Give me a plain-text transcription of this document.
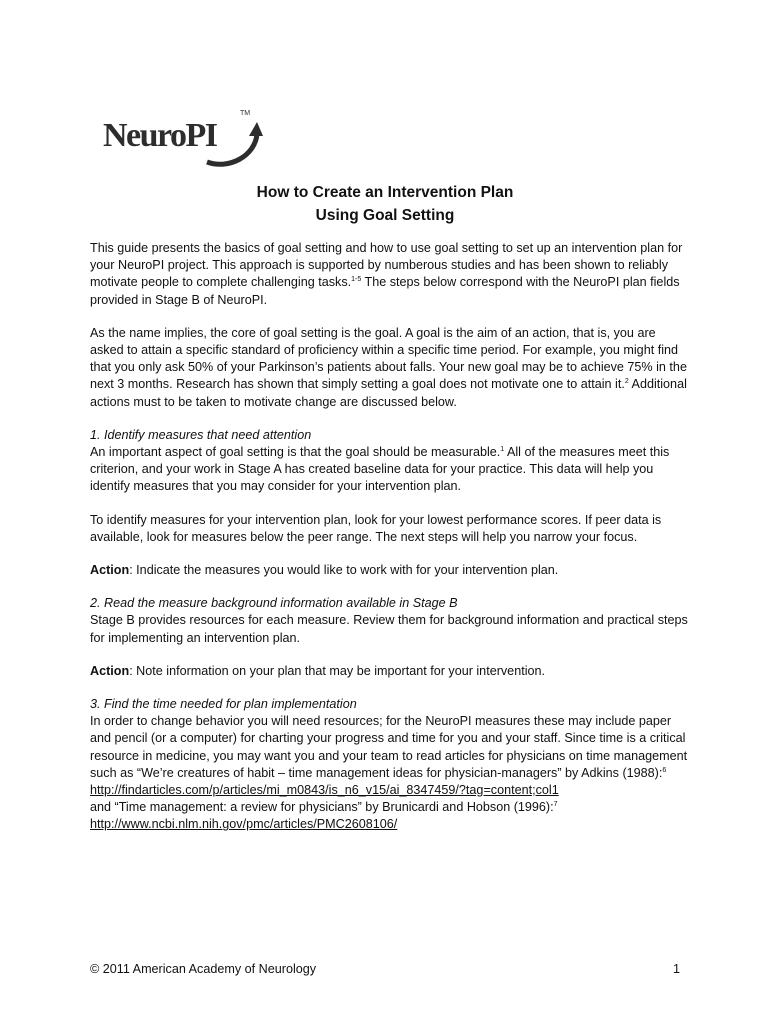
NeuroPI
TM
How to Create an Intervention Plan
Using Goal Setting

This guide presents the basics of goal setting and how to use goal setting to set up an intervention plan for your NeuroPI project. This approach is supported by numberous studies and has been shown to reliably motivate people to complete challenging tasks.$^{1-5}$ The steps below correspond with the NeuroPI plan fields provided in Stage B of NeuroPI.

As the name implies, the core of goal setting is the goal. A goal is the aim of an action, that is, you are asked to attain a specific standard of proficiency within a specific time period. For example, you might find that you only ask 50% of your Parkinson’s patients about falls. Your new goal may be to achieve 75% in the next 3 months. Research has shown that simply setting a goal does not motivate one to attain it.$^2$ Additional actions must to be taken to motivate change are discussed below.

1. Identify measures that need attention

An important aspect of goal setting is that the goal should be measurable.$^1$ All of the measures meet this criterion, and your work in Stage A has created baseline data for your practice. This data will help you identify measures that you may consider for your intervention plan.

To identify measures for your intervention plan, look for your lowest performance scores. If peer data is available, look for measures below the peer range. The next steps will help you narrow your focus.

Action: Indicate the measures you would like to work with for your intervention plan.

2. Read the measure background information available in Stage B

Stage B provides resources for each measure. Review them for background information and practical steps for implementing an intervention plan.

Action: Note information on your plan that may be important for your intervention.

3. Find the time needed for plan implementation

In order to change behavior you will need resources; for the NeuroPI measures these may include paper and pencil (or a computer) for charting your progress and time for you and your staff. Since time is a critical resource in medicine, you may want you and your team to read articles for physicians on time management such as “We’re creatures of habit – time management ideas for physician-managers” by Adkins (1988):$^6$
http://findarticles.com/p/articles/mi_m0843/is_n6_v15/ai_8347459/?tag=content;col1
and “Time management: a review for physicians” by Brunicardi and Hobson (1996):$^7$
http://www.ncbi.nlm.nih.gov/pmc/articles/PMC2608106/

© 2011 American Academy of Neurology	1
